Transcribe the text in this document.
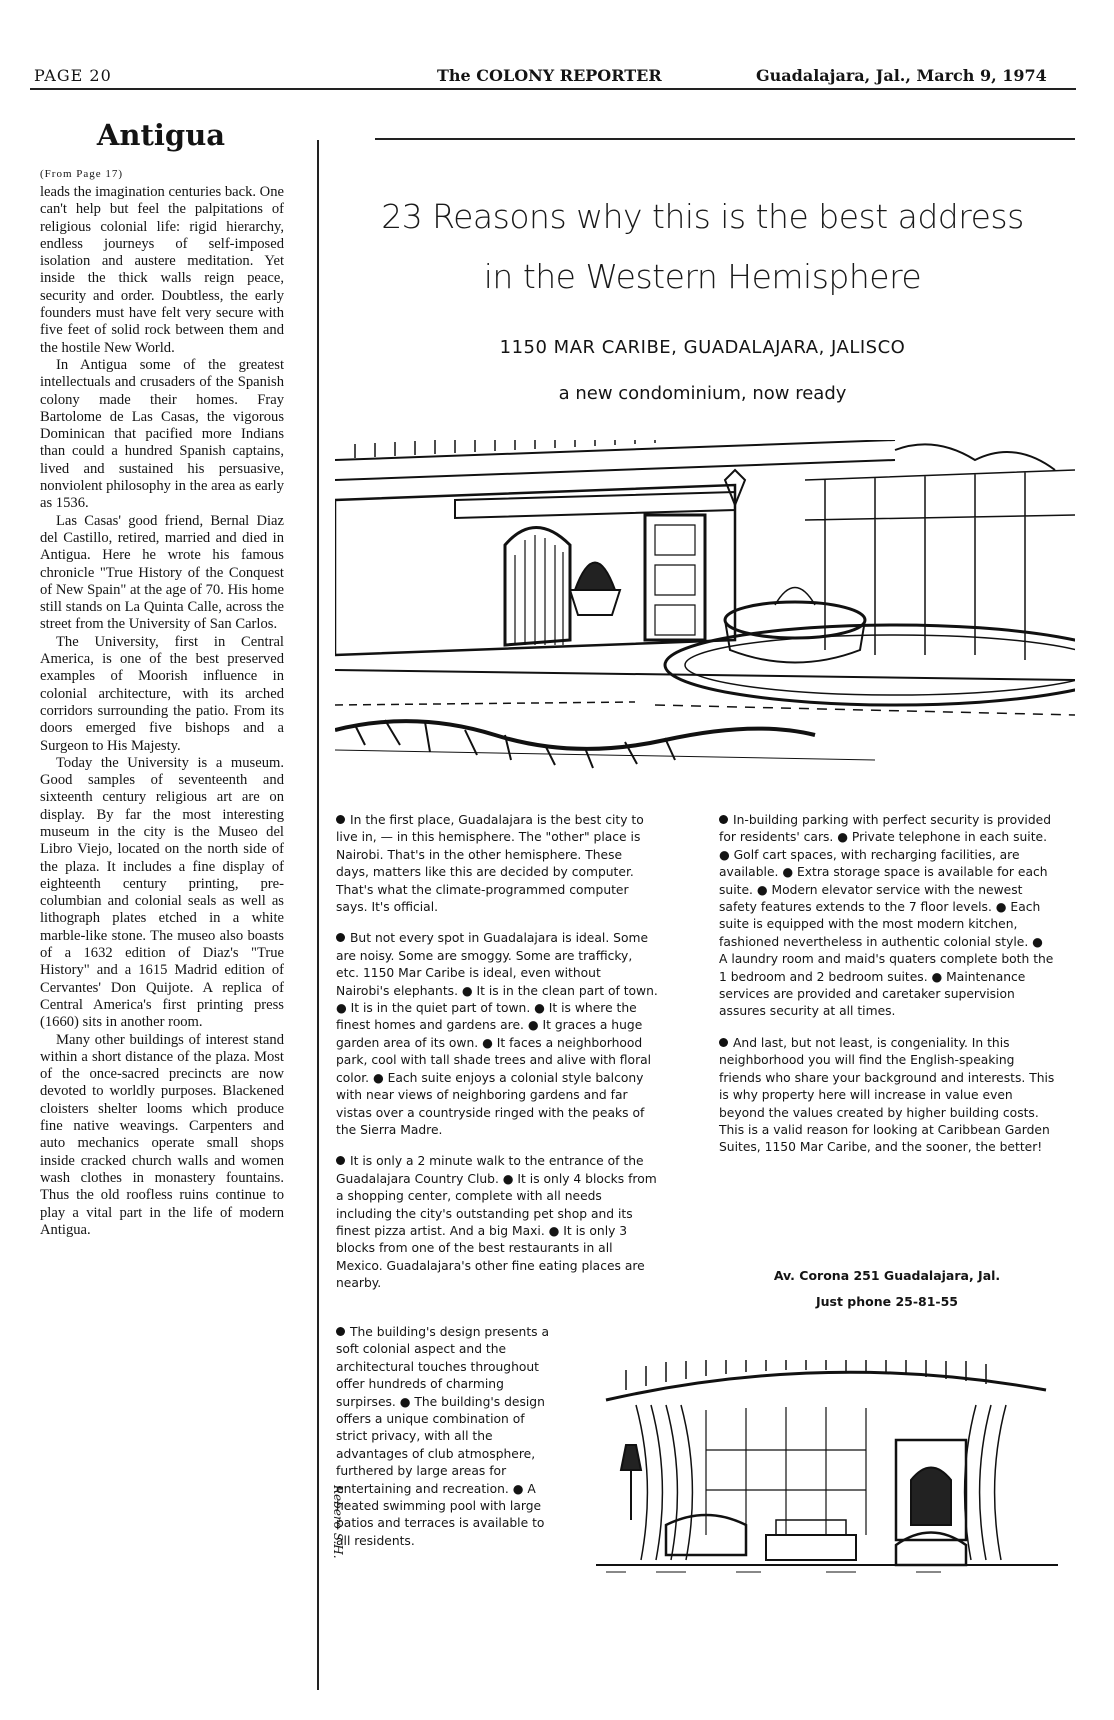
PAGE 20	The COLONY REPORTER	Guadalajara, Jal., March 9, 1974
Antigua
(From Page 17)

leads the imagination centuries back. One can't help but feel the palpitations of religious colonial life: rigid hierarchy, endless journeys of self-imposed isolation and austere meditation. Yet inside the thick walls reign peace, security and order. Doubtless, the early founders must have felt very secure with five feet of solid rock between them and the hostile New World.

In Antigua some of the greatest intellectuals and crusaders of the Spanish colony made their homes. Fray Bartolome de Las Casas, the vigorous Dominican that pacified more Indians than could a hundred Spanish captains, lived and sustained his persuasive, nonviolent philosophy in the area as early as 1536.

Las Casas' good friend, Bernal Diaz del Castillo, retired, married and died in Antigua. Here he wrote his famous chronicle "True History of the Conquest of New Spain" at the age of 70. His home still stands on La Quinta Calle, across the street from the University of San Carlos.

The University, first in Central America, is one of the best preserved examples of Moorish influence in colonial architecture, with its arched corridors surrounding the patio. From its doors emerged five bishops and a Surgeon to His Majesty.

Today the University is a museum. Good samples of seventeenth and sixteenth century religious art are on display. By far the most interesting museum in the city is the Museo del Libro Viejo, located on the north side of the plaza. It includes a fine display of eighteenth century printing, pre-columbian and colonial seals as well as lithograph plates etched in a white marble-like stone. The museo also boasts of a 1632 edition of Diaz's "True History" and a 1615 Madrid edition of Cervantes' Don Quijote. A replica of Central America's first printing press (1660) sits in another room.

Many other buildings of interest stand within a short distance of the plaza. Most of the once-sacred precincts are now devoted to worldly purposes. Blackened cloisters shelter looms which produce fine native weavings. Carpenters and auto mechanics operate small shops inside cracked church walls and women wash clothes in monastery fountains. Thus the old roofless ruins continue to play a vital part in the life of modern Antigua.

23 Reasons why this is the best address
in the Western Hemisphere
1150 MAR CARIBE, GUADALAJARA, JALISCO
a new condominium, now ready

In the first place, Guadalajara is the best city to live in, — in this hemisphere. The "other" place is Nairobi. That's in the other hemisphere. These days, matters like this are decided by computer. That's what the climate-programmed computer says. It's official.

But not every spot in Guadalajara is ideal. Some are noisy. Some are smoggy. Some are trafficky, etc. 1150 Mar Caribe is ideal, even without Nairobi's elephants. ● It is in the clean part of town. ● It is in the quiet part of town. ● It is where the finest homes and gardens are. ● It graces a huge garden area of its own. ● It faces a neighborhood park, cool with tall shade trees and alive with floral color. ● Each suite enjoys a colonial style balcony with near views of neighboring gardens and far vistas over a countryside ringed with the peaks of the Sierra Madre.

It is only a 2 minute walk to the entrance of the Guadalajara Country Club. ● It is only 4 blocks from a shopping center, complete with all needs including the city's outstanding pet shop and its finest pizza artist. And a big Maxi. ● It is only 3 blocks from one of the best restaurants in all Mexico. Guadalajara's other fine eating places are nearby.

The building's design presents a soft colonial aspect and the architectural touches throughout offer hundreds of charming surpirses. ● The building's design offers a unique combination of strict privacy, with all the advantages of club atmosphere, furthered by large areas for entertaining and recreation. ● A heated swimming pool with large patios and terraces is available to all residents.

In-building parking with perfect security is provided for residents' cars. ● Private telephone in each suite. ● Golf cart spaces, with recharging facilities, are available. ● Extra storage space is available for each suite. ● Modern elevator service with the newest safety features extends to the 7 floor levels. ● Each suite is equipped with the most modern kitchen, fashioned nevertheless in authentic colonial style. ● A laundry room and maid's quaters complete both the 1 bedroom and 2 bedroom suites. ● Maintenance services are provided and caretaker supervision assures security at all times.

And last, but not least, is congeniality. In this neighborhood you will find the English-speaking friends who share your background and interests. This is why property here will increase in value even beyond the values created by higher building costs. This is a valid reason for looking at Caribbean Garden Suites, 1150 Mar Caribe, and the sooner, the better!

Av. Corona 251 Guadalajara, Jal.
Just phone 25-81-55
Rebero S.H.
